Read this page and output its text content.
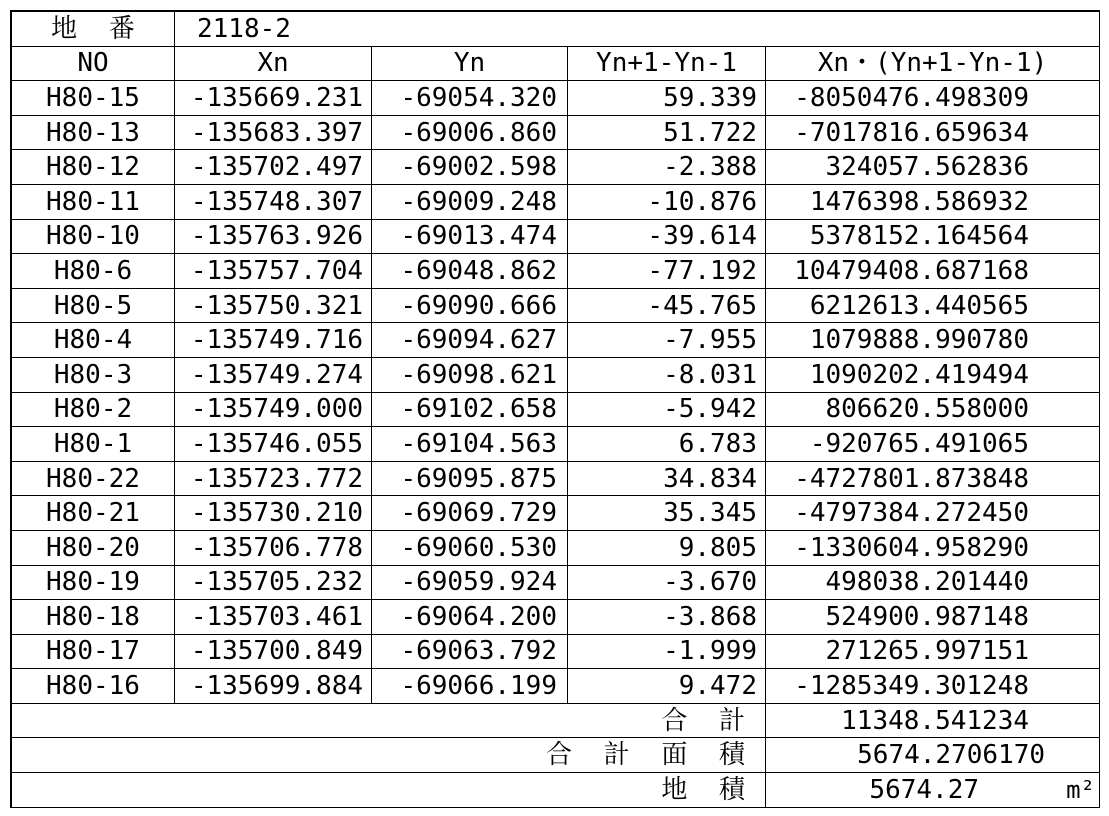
地 番	2118-2
NO	Xn	Yn	Yn+1-Yn-1	Xn・(Yn+1-Yn-1)
H80-15	-135669.231	-69054.320	59.339	-8050476.498309
H80-13	-135683.397	-69006.860	51.722	-7017816.659634
H80-12	-135702.497	-69002.598	-2.388	324057.562836
H80-11	-135748.307	-69009.248	-10.876	1476398.586932
H80-10	-135763.926	-69013.474	-39.614	5378152.164564
H80-6	-135757.704	-69048.862	-77.192	10479408.687168
H80-5	-135750.321	-69090.666	-45.765	6212613.440565
H80-4	-135749.716	-69094.627	-7.955	1079888.990780
H80-3	-135749.274	-69098.621	-8.031	1090202.419494
H80-2	-135749.000	-69102.658	-5.942	806620.558000
H80-1	-135746.055	-69104.563	6.783	-920765.491065
H80-22	-135723.772	-69095.875	34.834	-4727801.873848
H80-21	-135730.210	-69069.729	35.345	-4797384.272450
H80-20	-135706.778	-69060.530	9.805	-1330604.958290
H80-19	-135705.232	-69059.924	-3.670	498038.201440
H80-18	-135703.461	-69064.200	-3.868	524900.987148
H80-17	-135700.849	-69063.792	-1.999	271265.997151
H80-16	-135699.884	-69066.199	9.472	-1285349.301248
合 計	11348.541234
合 計 面 積	5674.2706170
地 積	5674.27	m²
